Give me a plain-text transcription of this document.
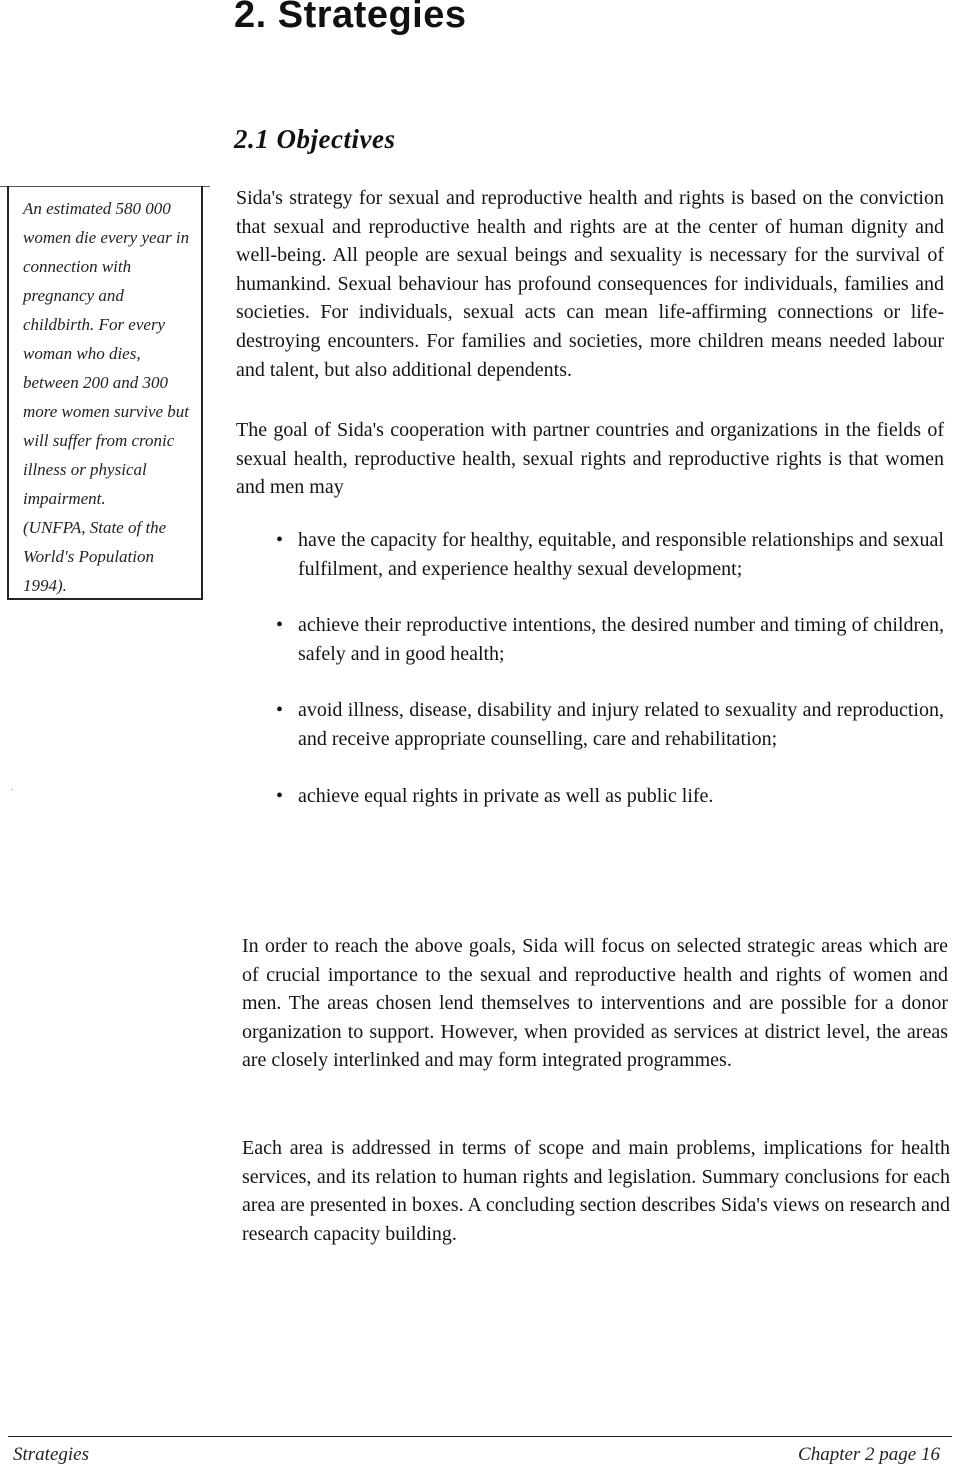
2. Strategies
2.1 Objectives

An estimated 580 000 women die every year in connection with pregnancy and childbirth. For every woman who dies, between 200 and 300 more women survive but will suffer from cronic illness or physical impairment.
(UNFPA, State of the World's Population 1994).

Sida's strategy for sexual and reproductive health and rights is based on the conviction that sexual and reproductive health and rights are at the center of human dignity and well-being. All people are sexual beings and sexuality is necessary for the survival of humankind. Sexual behaviour has profound consequences for individuals, families and societies. For individuals, sexual acts can mean life-affirming connections or life-destroying encounters. For families and societies, more children means needed labour and talent, but also additional dependents.

The goal of Sida's cooperation with partner countries and organizations in the fields of sexual health, reproductive health, sexual rights and reproductive rights is that women and men may

• have the capacity for healthy, equitable, and responsible relationships and sexual fulfilment, and experience healthy sexual development;
• achieve their reproductive intentions, the desired number and timing of children, safely and in good health;
• avoid illness, disease, disability and injury related to sexuality and reproduction, and receive appropriate counselling, care and rehabilitation;
• achieve equal rights in private as well as public life.

In order to reach the above goals, Sida will focus on selected strategic areas which are of crucial importance to the sexual and reproductive health and rights of women and men. The areas chosen lend themselves to interventions and are possible for a donor organization to support. However, when provided as services at district level, the areas are closely interlinked and may form integrated programmes.

Each area is addressed in terms of scope and main problems, implications for health services, and its relation to human rights and legislation. Summary conclusions for each area are presented in boxes. A concluding section describes Sida's views on research and research capacity building.

Strategies	Chapter 2 page 16
